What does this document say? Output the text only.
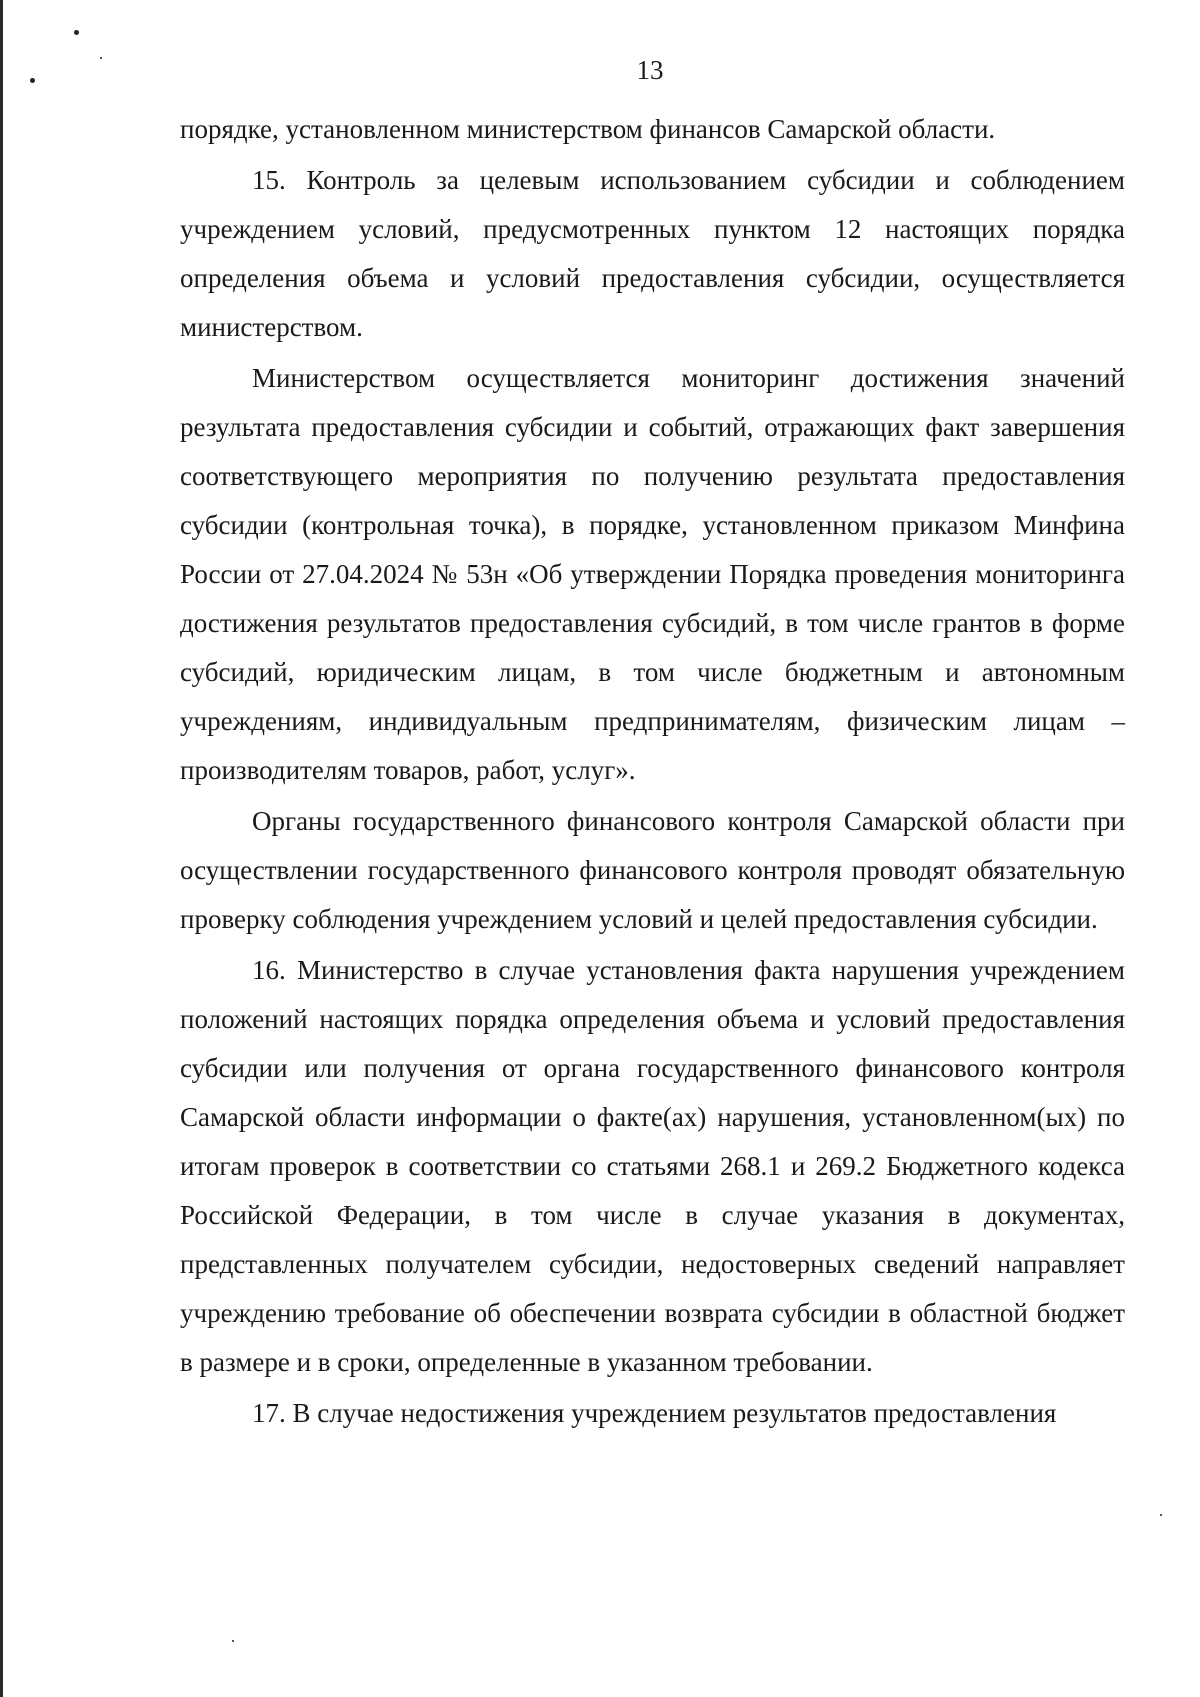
13

порядке, установленном министерством финансов Самарской области.

15. Контроль за целевым использованием субсидии и соблюдением учреждением условий, предусмотренных пунктом 12 настоящих порядка определения объема и условий предоставления субсидии, осуществляется министерством.

Министерством осуществляется мониторинг достижения значений результата предоставления субсидии и событий, отражающих факт завершения соответствующего мероприятия по получению результата предоставления субсидии (контрольная точка), в порядке, установленном приказом Минфина России от 27.04.2024 № 53н «Об утверждении Порядка проведения мониторинга достижения результатов предоставления субсидий, в том числе грантов в форме субсидий, юридическим лицам, в том числе бюджетным и автономным учреждениям, индивидуальным предпринимателям, физическим лицам – производителям товаров, работ, услуг».

Органы государственного финансового контроля Самарской области при осуществлении государственного финансового контроля проводят обязательную проверку соблюдения учреждением условий и целей предоставления субсидии.

16. Министерство в случае установления факта нарушения учреждением положений настоящих порядка определения объема и условий предоставления субсидии или получения от органа государственного финансового контроля Самарской области информации о факте(ах) нарушения, установленном(ых) по итогам проверок в соответствии со статьями 268.1 и 269.2 Бюджетного кодекса Российской Федерации, в том числе в случае указания в документах, представленных получателем субсидии, недостоверных сведений направляет учреждению требование об обеспечении возврата субсидии в областной бюджет в размере и в сроки, определенные в указанном требовании.

17. В случае недостижения учреждением результатов предоставления
